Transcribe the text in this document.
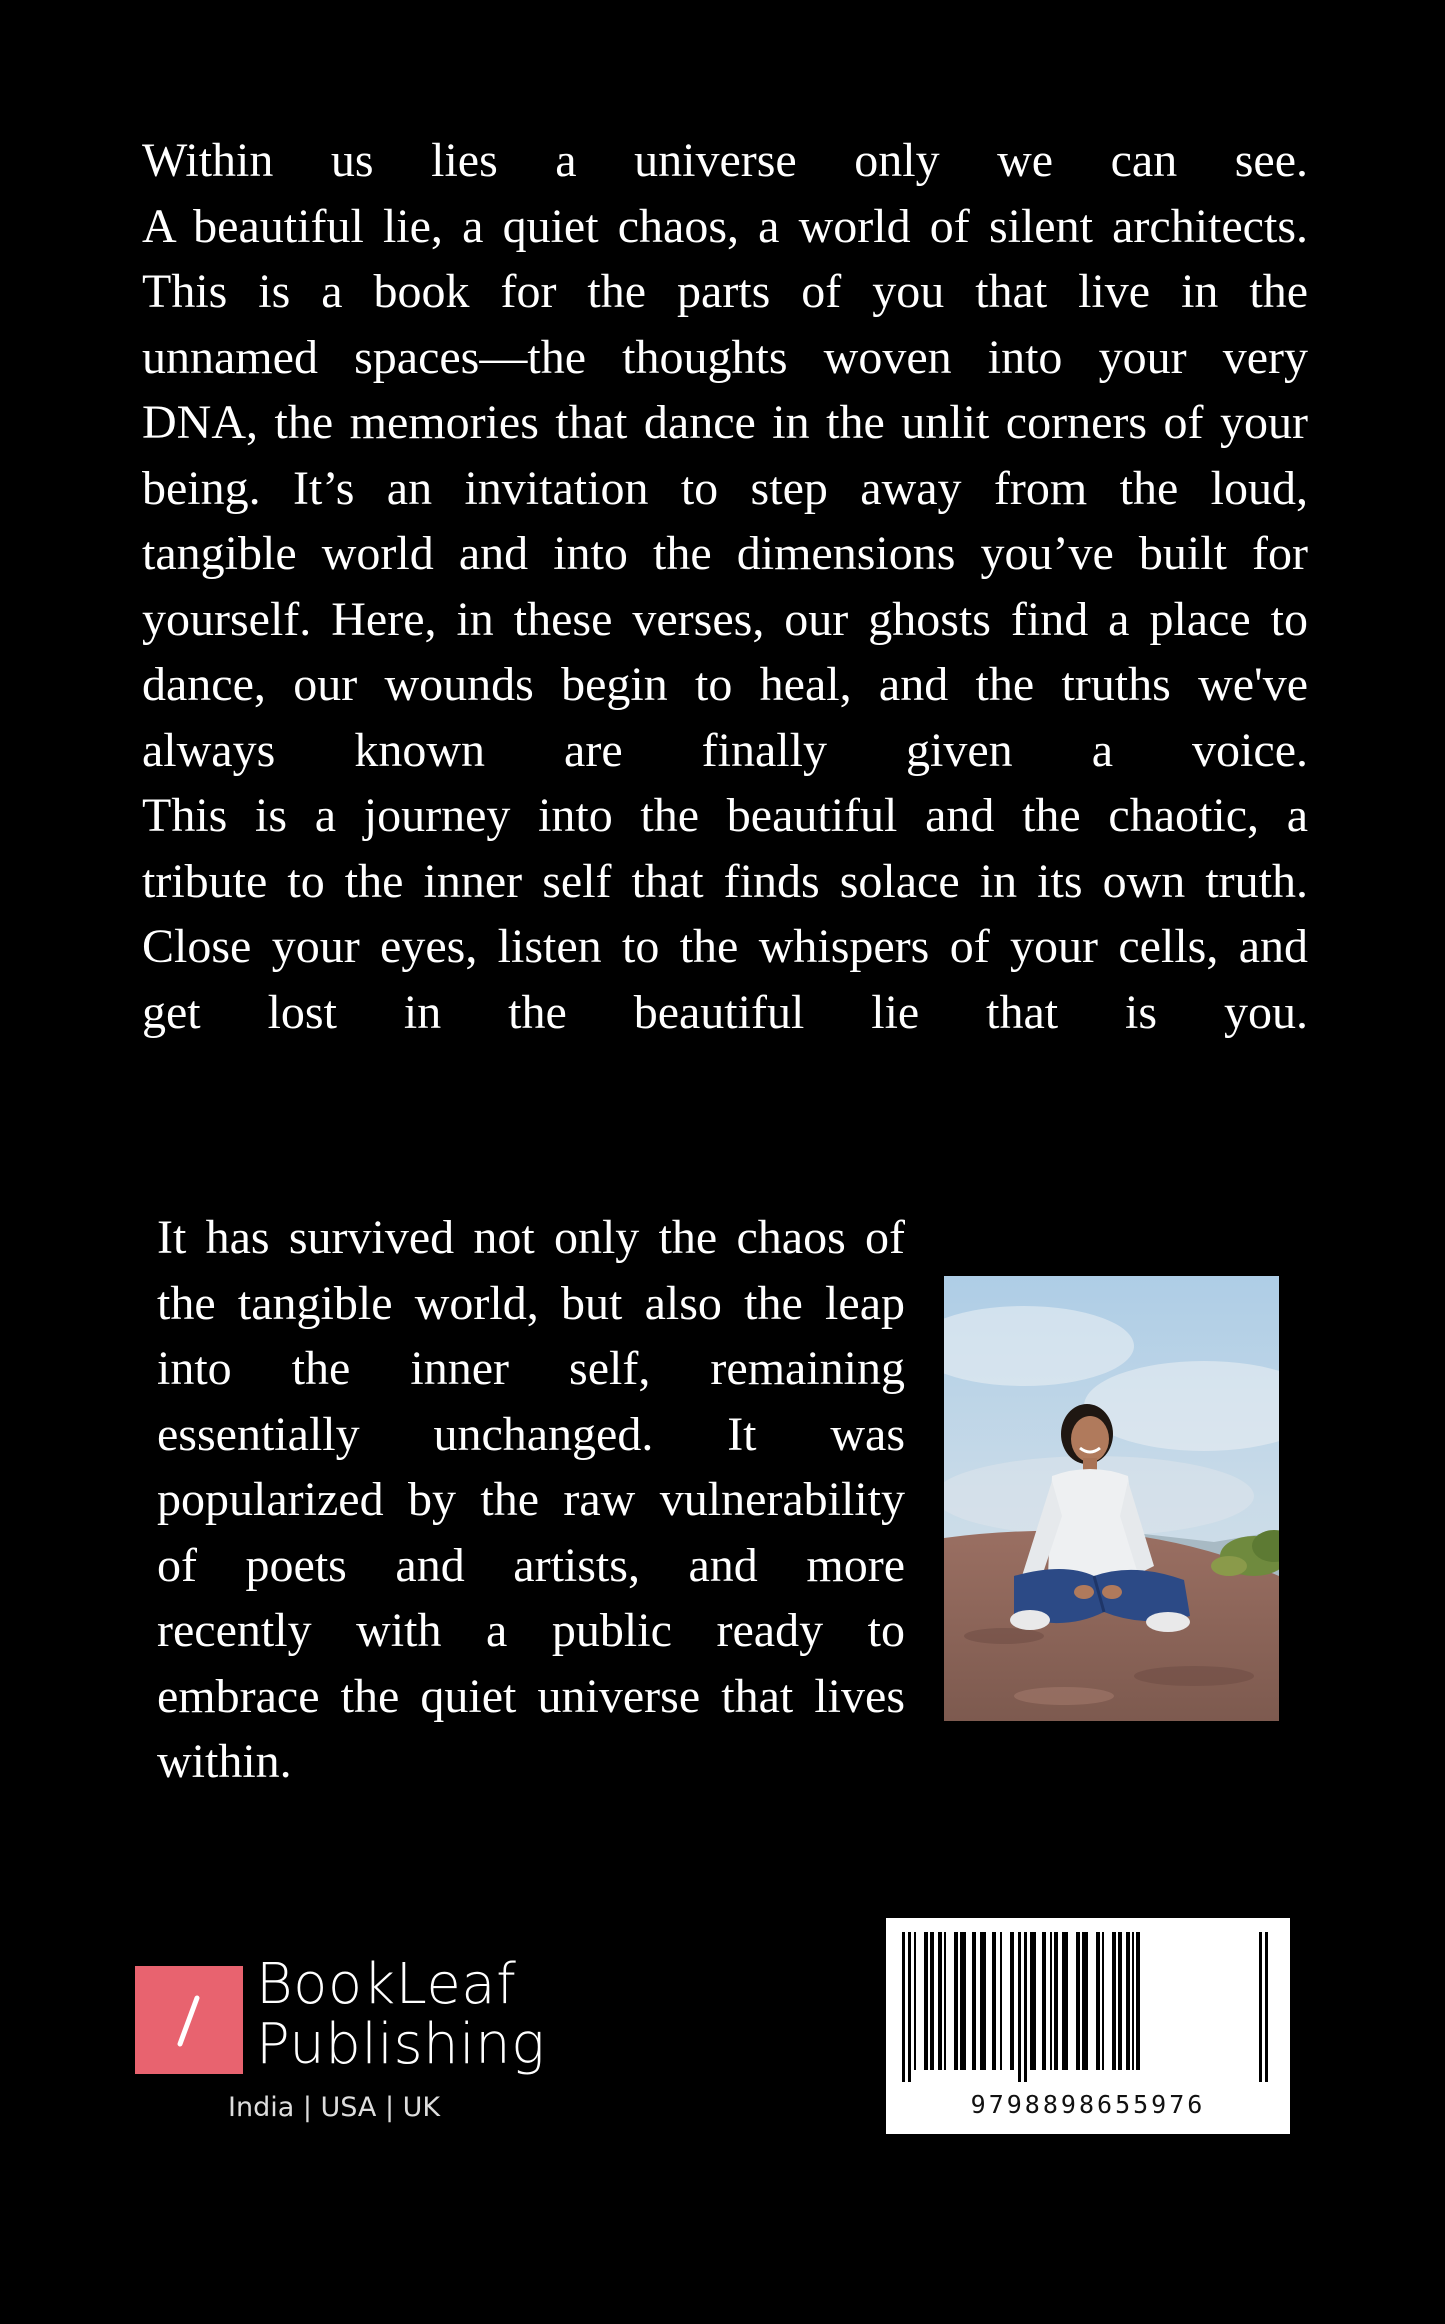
Within us lies a universe only we can see.
A beautiful lie, a quiet chaos, a world of silent architects.
This is a book for the parts of you that live in the
unnamed spaces—the thoughts woven into your very
DNA, the memories that dance in the unlit corners of your
being. It’s an invitation to step away from the loud,
tangible world and into the dimensions you’ve built for
yourself. Here, in these verses, our ghosts find a place to
dance, our wounds begin to heal, and the truths we've
always known are finally given a voice.
This is a journey into the beautiful and the chaotic, a
tribute to the inner self that finds solace in its own truth.
Close your eyes, listen to the whispers of your cells, and
get lost in the beautiful lie that is you.
It has survived not only the chaos of
the tangible world, but also the leap
into the inner self, remaining
essentially unchanged. It was
popularized by the raw vulnerability
of poets and artists, and more
recently with a public ready to
embrace the quiet universe that lives
within.
BookLeaf
Publishing
India | USA | UK	9798898655976
